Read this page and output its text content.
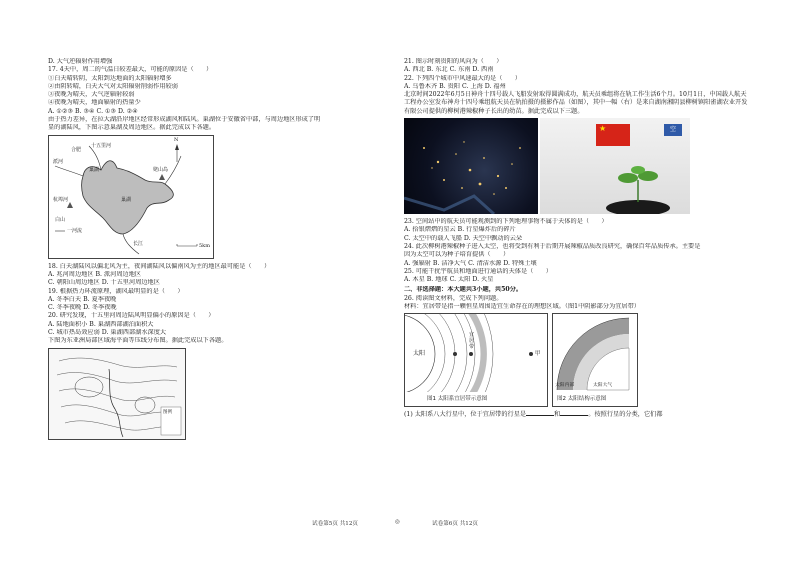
D. 大气逆辐射作用增强
17. 4天中，周二的气温日较差最大，可能的原因是（　　）
①白天晴转阴，太阳到达地面的太阳辐射增多
②由阴转晴，白天大气对太阳辐射削弱作用较弱
③夜晚为晴天，大气逆辐射较弱
④夜晚为晴天，地面辐射的热量少
A. ①②③ B. ③④ C. ①③ D. ②④
由于热力差异，在拉大湖沿岸地区经常形成湖风和陆风。巢湖位于安徽省中部，与周边地区形成了明
显的湖陆风，下图示意巢湖及周边地区。据此完成以下各题。
合肥
十五里河
派河
巢湖
巢湖
姥山岛
长江
杭埠河
白山
一河流
N
5km
18. 白天湖陆风以偏北风为主，夜间湖陆风以偏南风为主的地区最可能是（　　）
A. 兆河周边地区 B. 派河周边地区
C. 朝阳山周边地区 D. 十五里河周边地区
19. 根据热力环流原理，湖风最明显的是（　　）
A. 冬季白天 B. 夏季夜晚
C. 冬季夜晚 D. 冬季夜晚
20. 研究发现，十五里河周边陆风明显偏小的原因是（　　）
A. 陆地面积小 B. 巢湖西部湖泊面积大
C. 城市热岛效应弱 D. 巢湖西部湖水深度大
下图为东亚洲局部区域海平面等压线分布图。据此完成以下各题。
图例
21. 图示时刻贵阳的风向为（　　）
A. 西北 B. 东北 C. 东南 D. 西南
22. 下列四个城市中风速最大的是（　　）
A. 乌鲁木齐 B. 贵阳 C. 上海 D. 福州
北京时间2022年6月5日神舟十四号载人飞船发射取得圆满成功，航天员乘组将在轨工作生活6个月。10月1日，中国载人航天工程办公室发布神舟十四号乘组航天员在轨拍摄的摄影作品（如图），其中一幅（右）是来自湖南湘阴县柳树镇阳雀湖农业开发有限公司提供的柳树港辣椒种子长出的幼苗。据此完成以下三题。
★	空
23. 空间站中的航天员可能观测到的下列地理事物不属于天体的是（　　）
A. 拾银熠熠的星云 B. 行星爆炸后的碎片
C. 太空中的载人飞船 D. 天空中飘动的云朵
24. 此次柳树港辣椒种子进入太空，也将受到有利于后期开展辣椒品质改良研究，确保百年品质传承。主要是
因为太空可以为种子培育提供（　　）
A. 强辐射 B. 洁净大气 C. 清洁水源 D. 特殊土壤
25. 可能干扰宇航员和地面进行通话的天体是（　　）
A. 木星 B. 地球 C. 太阳 D. 火星
二、非选择题：本大题共3小题，共50分。
26. 阅读图文材料，完成下列问题。
材料：宜居带是指一颗恒星周围适宜生命存在的理想区域。（图1中阴影部分为宜居带）
太阳
宜居带
甲
图1 太阳系宜居带示意图
太阳内部	太阳大气
图2 太阳结构示意图
(1) 太阳系八大行星中，位于宜居带的行星是	和	。按照行星的分类，它们都
试卷第5页 共12页	◎	试卷第6页 共12页
